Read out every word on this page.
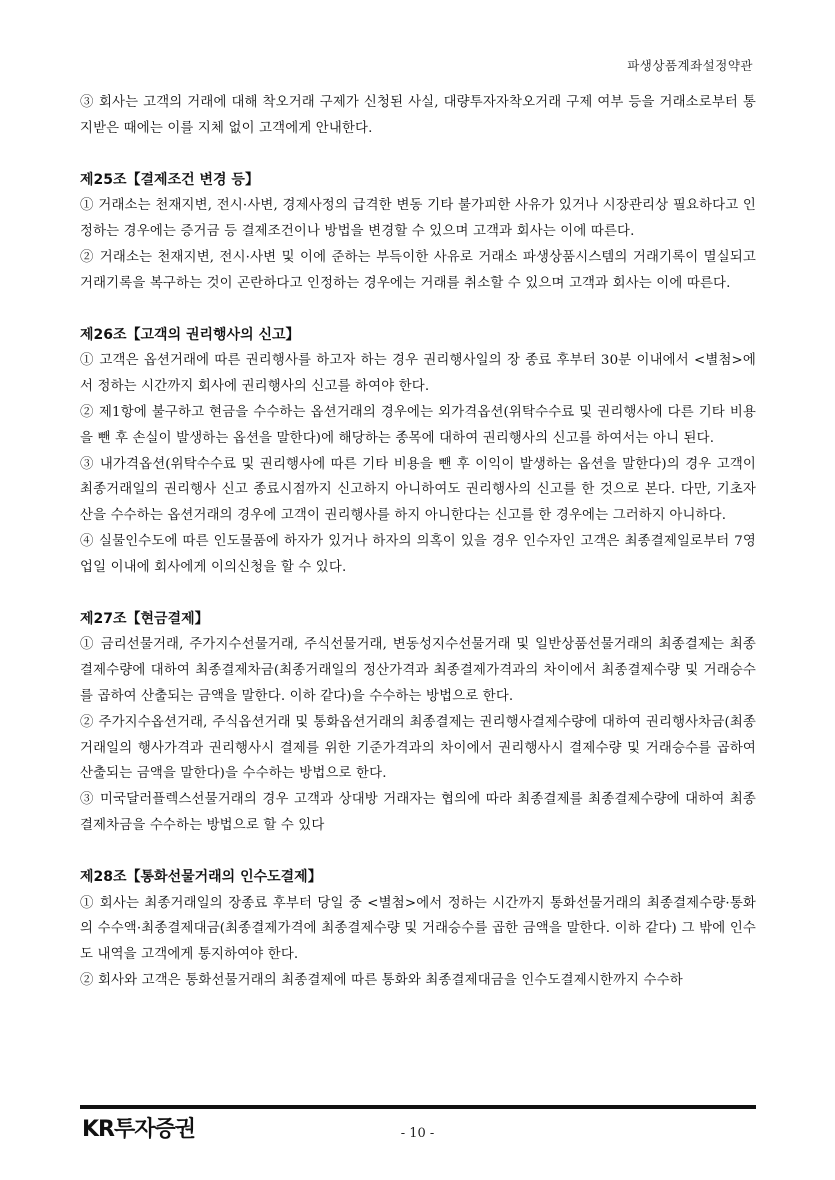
파생상품계좌설정약관

③ 회사는 고객의 거래에 대해 착오거래 구제가 신청된 사실, 대량투자자착오거래 구제 여부 등을 거래소로부터 통지받은 때에는 이를 지체 없이 고객에게 안내한다.

제25조【결제조건 변경 등】

① 거래소는 천재지변, 전시·사변, 경제사정의 급격한 변동 기타 불가피한 사유가 있거나 시장관리상 필요하다고 인정하는 경우에는 증거금 등 결제조건이나 방법을 변경할 수 있으며 고객과 회사는 이에 따른다.

② 거래소는 천재지변, 전시·사변 및 이에 준하는 부득이한 사유로 거래소 파생상품시스템의 거래기록이 멸실되고 거래기록을 복구하는 것이 곤란하다고 인정하는 경우에는 거래를 취소할 수 있으며 고객과 회사는 이에 따른다.

제26조【고객의 권리행사의 신고】

① 고객은 옵션거래에 따른 권리행사를 하고자 하는 경우 권리행사일의 장 종료 후부터 30분 이내에서 <별첨>에서 정하는 시간까지 회사에 권리행사의 신고를 하여야 한다.

② 제1항에 불구하고 현금을 수수하는 옵션거래의 경우에는 외가격옵션(위탁수수료 및 권리행사에 다른 기타 비용을 뺀 후 손실이 발생하는 옵션을 말한다)에 해당하는 종목에 대하여 권리행사의 신고를 하여서는 아니 된다.

③ 내가격옵션(위탁수수료 및 권리행사에 따른 기타 비용을 뺀 후 이익이 발생하는 옵션을 말한다)의 경우 고객이 최종거래일의 권리행사 신고 종료시점까지 신고하지 아니하여도 권리행사의 신고를 한 것으로 본다. 다만, 기초자산을 수수하는 옵션거래의 경우에 고객이 권리행사를 하지 아니한다는 신고를 한 경우에는 그러하지 아니하다.

④ 실물인수도에 따른 인도물품에 하자가 있거나 하자의 의혹이 있을 경우 인수자인 고객은 최종결제일로부터 7영업일 이내에 회사에게 이의신청을 할 수 있다.

제27조【현금결제】

① 금리선물거래, 주가지수선물거래, 주식선물거래, 변동성지수선물거래 및 일반상품선물거래의 최종결제는 최종결제수량에 대하여 최종결제차금(최종거래일의 정산가격과 최종결제가격과의 차이에서 최종결제수량 및 거래승수를 곱하여 산출되는 금액을 말한다. 이하 같다)을 수수하는 방법으로 한다.

② 주가지수옵션거래, 주식옵션거래 및 통화옵션거래의 최종결제는 권리행사결제수량에 대하여 권리행사차금(최종거래일의 행사가격과 권리행사시 결제를 위한 기준가격과의 차이에서 권리행사시 결제수량 및 거래승수를 곱하여 산출되는 금액을 말한다)을 수수하는 방법으로 한다.

③ 미국달러플렉스선물거래의 경우 고객과 상대방 거래자는 협의에 따라 최종결제를 최종결제수량에 대하여 최종결제차금을 수수하는 방법으로 할 수 있다

제28조【통화선물거래의 인수도결제】

① 회사는 최종거래일의 장종료 후부터 당일 중 <별첨>에서 정하는 시간까지 통화선물거래의 최종결제수량·통화의 수수액·최종결제대금(최종결제가격에 최종결제수량 및 거래승수를 곱한 금액을 말한다. 이하 같다) 그 밖에 인수도 내역을 고객에게 통지하여야 한다.

② 회사와 고객은 통화선물거래의 최종결제에 따른 통화와 최종결제대금을 인수도결제시한까지 수수하

KR투자증권	- 10 -
